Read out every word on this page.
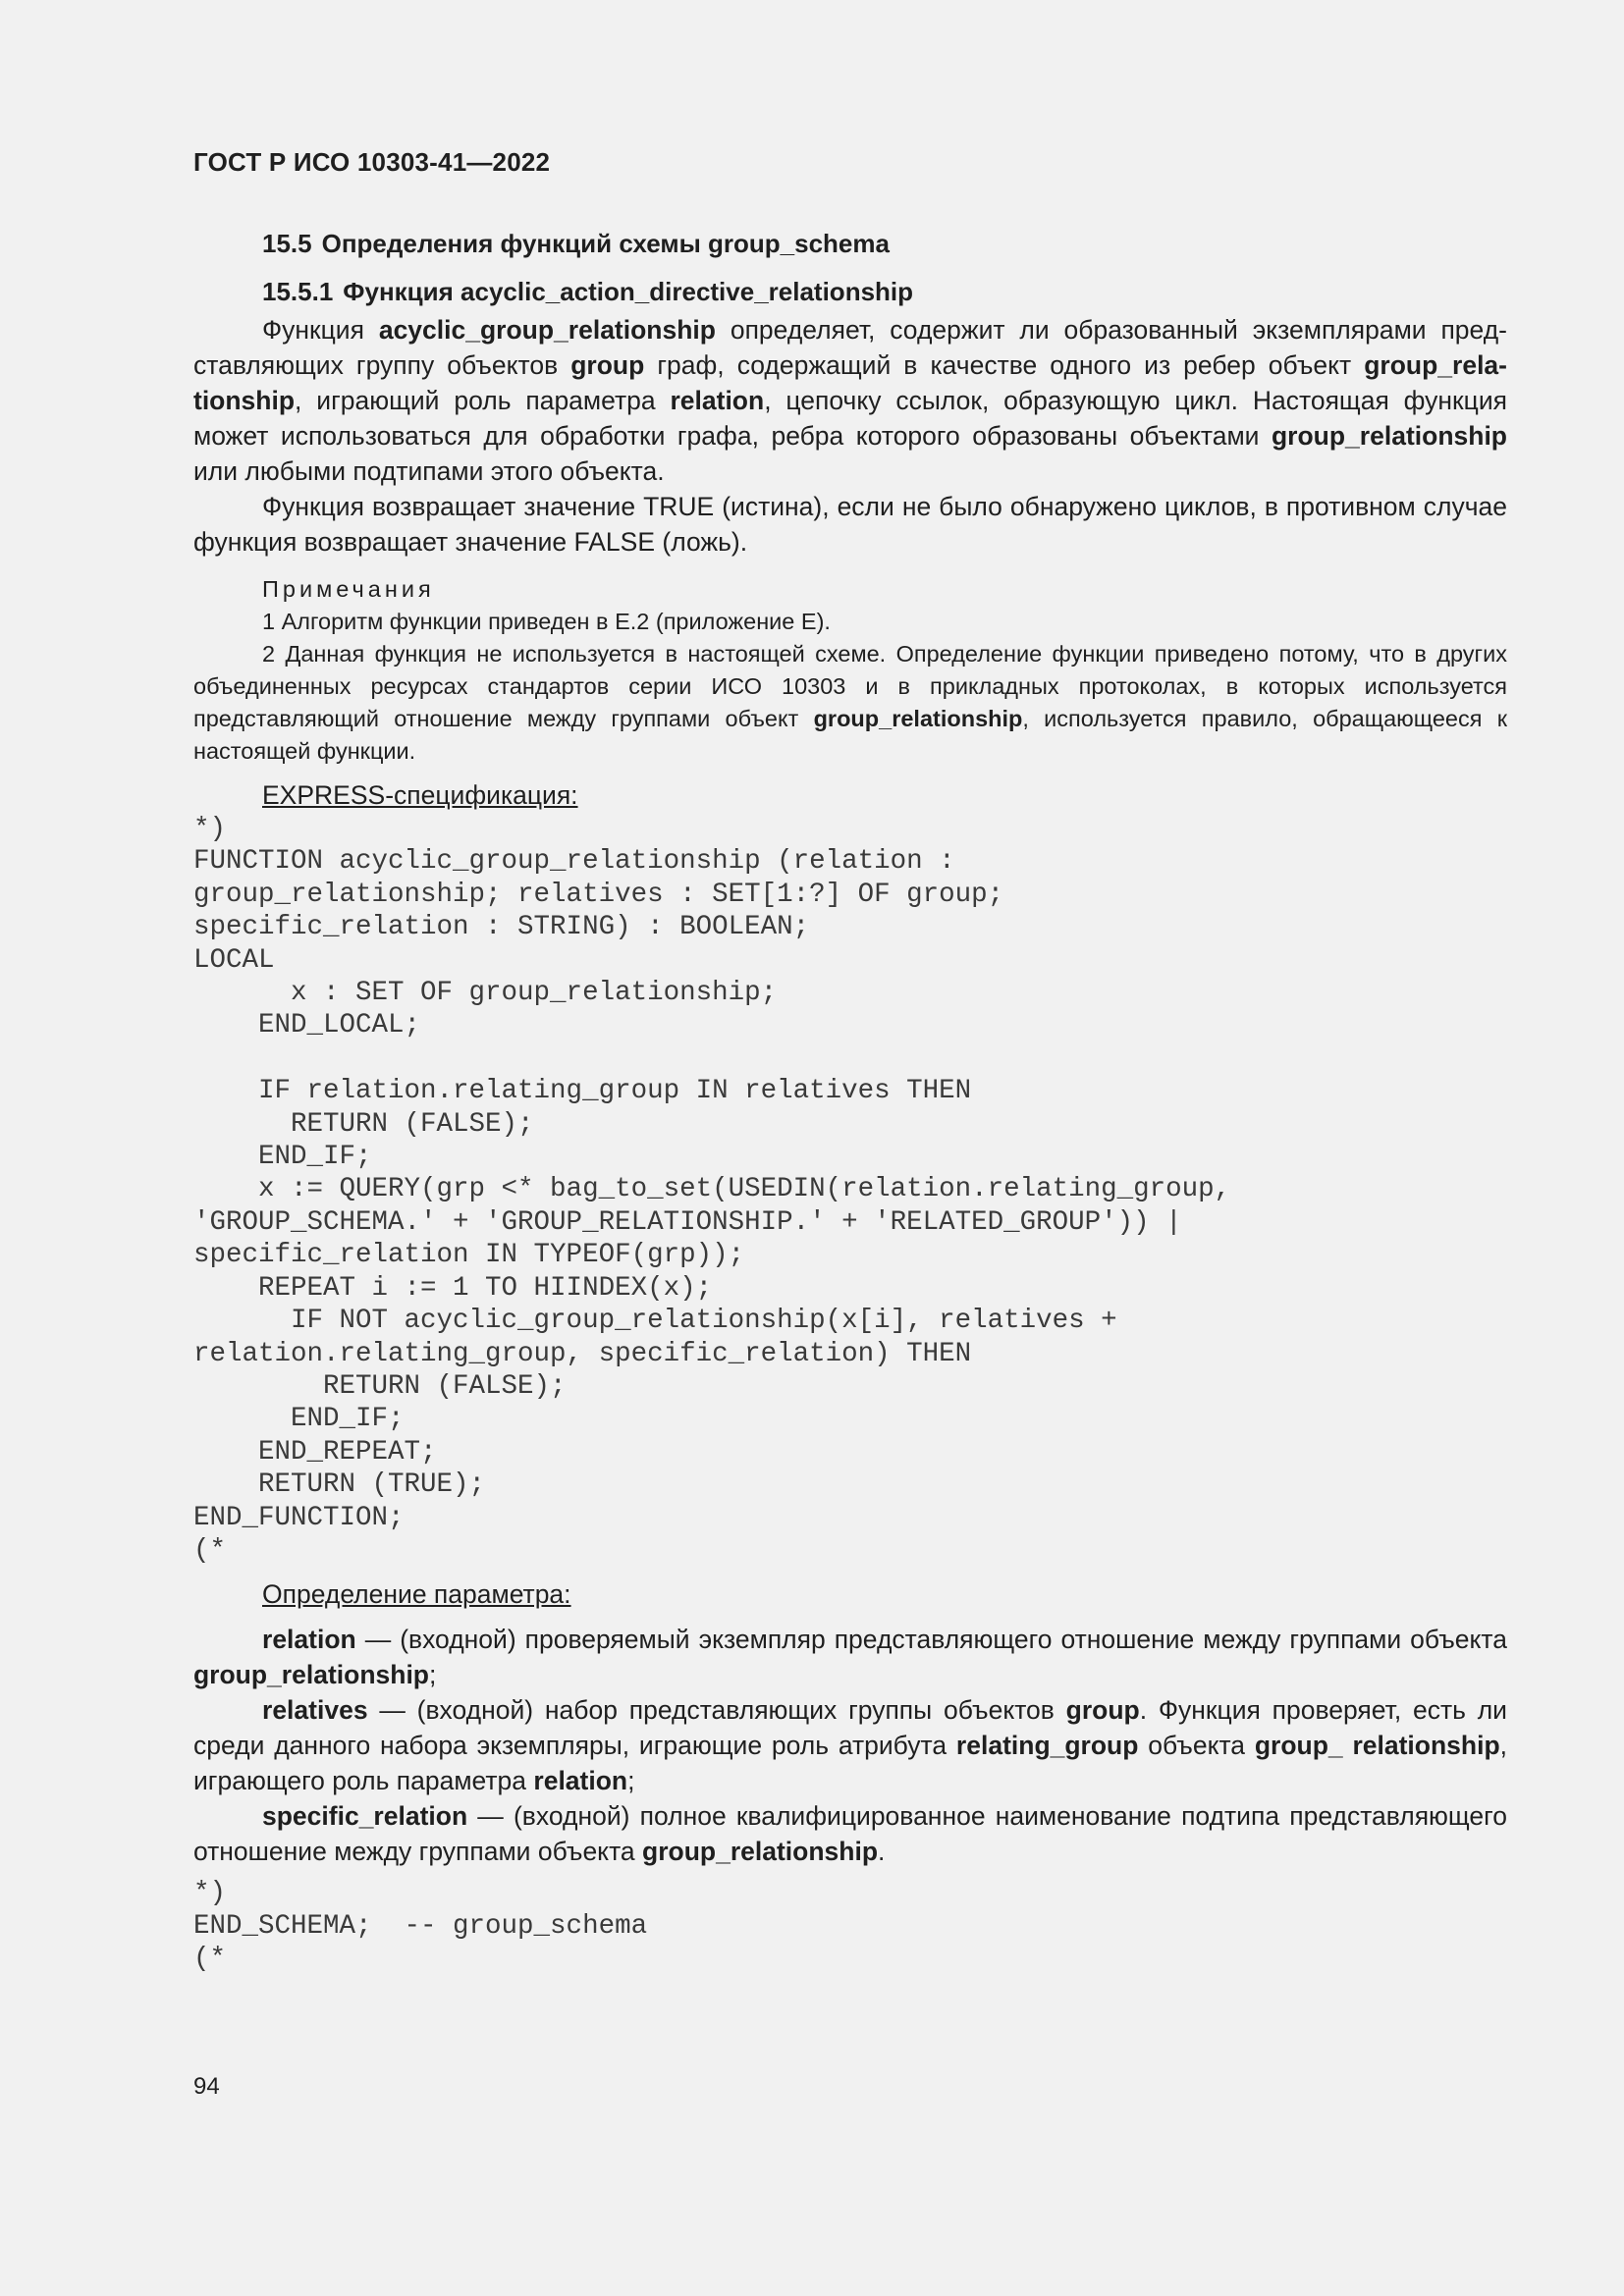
ГОСТ Р ИСО 10303-41—2022
15.5 Определения функций схемы group_schema
15.5.1 Функция acyclic_action_directive_relationship

Функция acyclic_group_relationship определяет, содержит ли образованный экземплярами представляющих группу объектов group граф, содержащий в качестве одного из ребер объект group_relationship, играющий роль параметра relation, цепочку ссылок, образующую цикл. Настоящая функция может использоваться для обработки графа, ребра которого образованы объектами group_relationship или любыми подтипами этого объекта.

Функция возвращает значение TRUE (истина), если не было обнаружено циклов, в противном случае функция возвращает значение FALSE (ложь).

Примечания

1 Алгоритм функции приведен в Е.2 (приложение Е).

2 Данная функция не используется в настоящей схеме. Определение функции приведено потому, что в других объединенных ресурсах стандартов серии ИСО 10303 и в прикладных протоколах, в которых используется представляющий отношение между группами объект group_relationship, используется правило, обращающееся к настоящей функции.

EXPRESS-спецификация:
*)
FUNCTION acyclic_group_relationship (relation :
group_relationship; relatives : SET[1:?] OF group;
specific_relation : STRING) : BOOLEAN;
LOCAL
x : SET OF group_relationship;
END_LOCAL;

IF relation.relating_group IN relatives THEN
RETURN (FALSE);
END_IF;
x := QUERY(grp <* bag_to_set(USEDIN(relation.relating_group,
'GROUP_SCHEMA.' + 'GROUP_RELATIONSHIP.' + 'RELATED_GROUP')) |
specific_relation IN TYPEOF(grp));
REPEAT i := 1 TO HIINDEX(x);
IF NOT acyclic_group_relationship(x[i], relatives +
relation.relating_group, specific_relation) THEN
RETURN (FALSE);
END_IF;
END_REPEAT;
RETURN (TRUE);
END_FUNCTION;
(*
Определение параметра:

relation — (входной) проверяемый экземпляр представляющего отношение между группами объекта group_relationship;

relatives — (входной) набор представляющих группы объектов group. Функция проверяет, есть ли среди данного набора экземпляры, играющие роль атрибута relating_group объекта group_ relationship, играющего роль параметра relation;

specific_relation — (входной) полное квалифицированное наименование подтипа представляющего отношение между группами объекта group_relationship.

*)
END_SCHEMA;  -- group_schema
(*
94
